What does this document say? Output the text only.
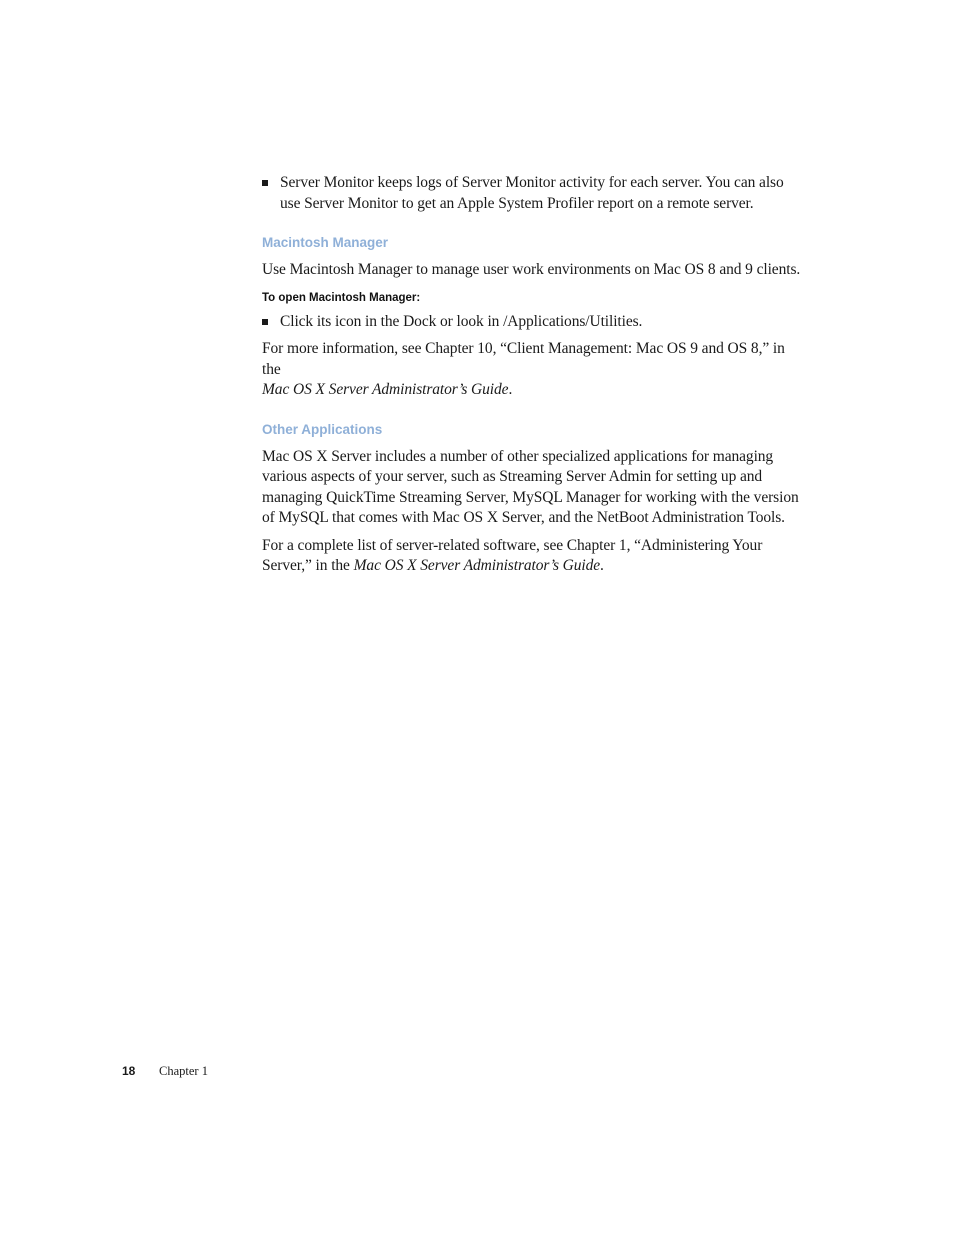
Server Monitor keeps logs of Server Monitor activity for each server. You can also use Server Monitor to get an Apple System Profiler report on a remote server.

Macintosh Manager

Use Macintosh Manager to manage user work environments on Mac OS 8 and 9 clients.

To open Macintosh Manager:

Click its icon in the Dock or look in /Applications/Utilities.

For more information, see Chapter 10, “Client Management: Mac OS 9 and OS 8,” in the
Mac OS X Server Administrator’s Guide.

Other Applications

Mac OS X Server includes a number of other specialized applications for managing various aspects of your server, such as Streaming Server Admin for setting up and managing QuickTime Streaming Server, MySQL Manager for working with the version of MySQL that comes with Mac OS X Server, and the NetBoot Administration Tools.

For a complete list of server-related software, see Chapter 1, “Administering Your Server,” in the Mac OS X Server Administrator’s Guide.

18 Chapter 1
